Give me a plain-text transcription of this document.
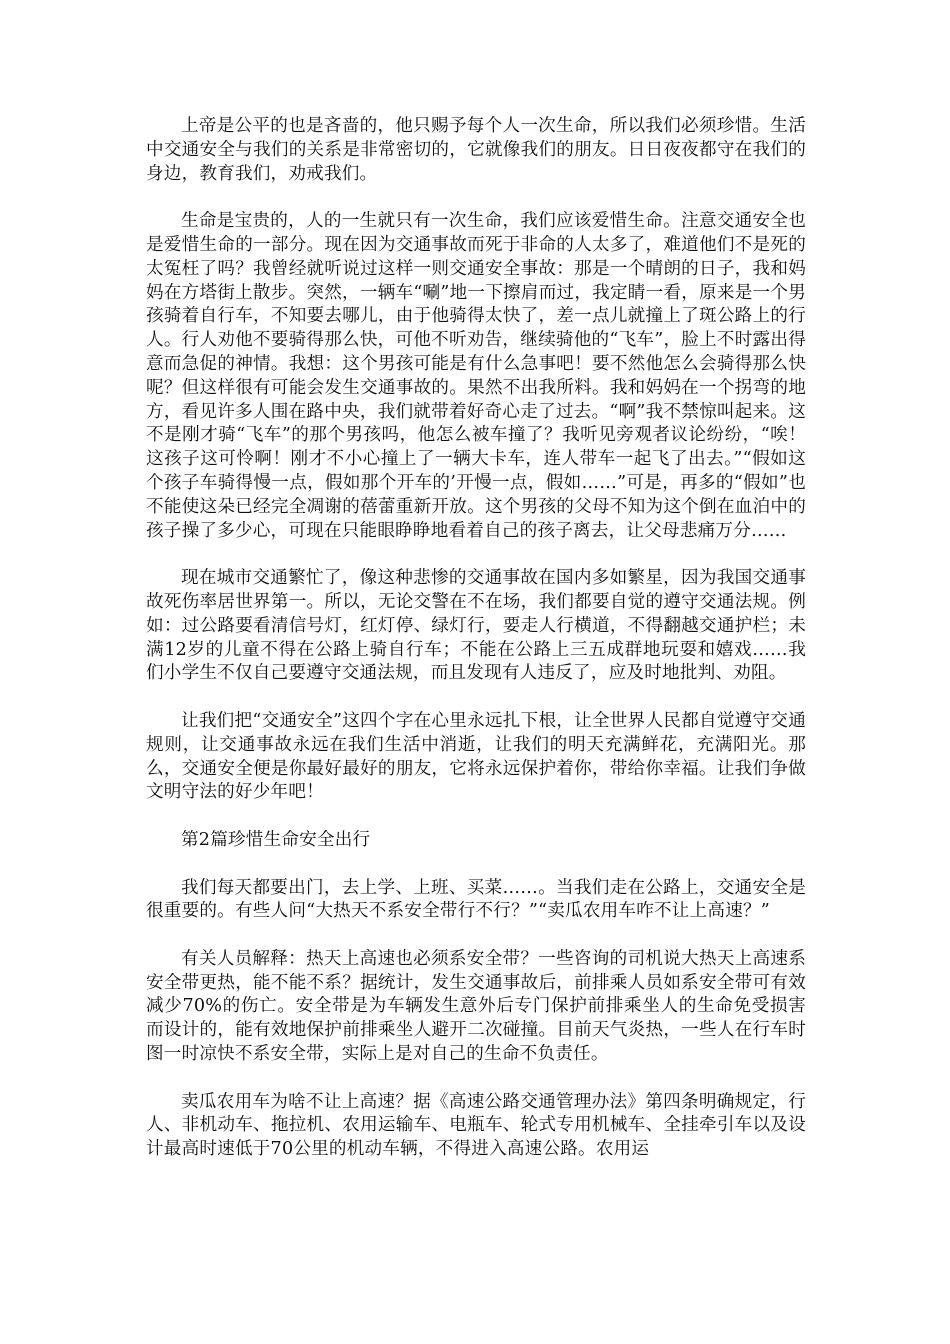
上帝是公平的也是吝啬的，他只赐予每个人一次生命，所以我们必须珍惜。生活中交通安全与我们的关系是非常密切的，它就像我们的朋友。日日夜夜都守在我们的身边，教育我们，劝戒我们。

生命是宝贵的，人的一生就只有一次生命，我们应该爱惜生命。注意交通安全也是爱惜生命的一部分。现在因为交通事故而死于非命的人太多了，难道他们不是死的太冤枉了吗？我曾经就听说过这样一则交通安全事故：那是一个晴朗的日子，我和妈妈在方塔街上散步。突然，一辆车“唰”地一下擦肩而过，我定睛一看，原来是一个男孩骑着自行车，不知要去哪儿，由于他骑得太快了，差一点儿就撞上了斑公路上的行人。行人劝他不要骑得那么快，可他不听劝告，继续骑他的“飞车”，脸上不时露出得意而急促的神情。我想：这个男孩可能是有什么急事吧！要不然他怎么会骑得那么快呢？但这样很有可能会发生交通事故的。果然不出我所料。我和妈妈在一个拐弯的地方，看见许多人围在路中央，我们就带着好奇心走了过去。“啊”我不禁惊叫起来。这不是刚才骑“飞车”的那个男孩吗，他怎么被车撞了？我听见旁观者议论纷纷，“唉！这孩子这可怜啊！刚才不小心撞上了一辆大卡车，连人带车一起飞了出去。”“假如这个孩子车骑得慢一点，假如那个开车的’开慢一点，假如……”可是，再多的“假如”也不能使这朵已经完全凋谢的蓓蕾重新开放。这个男孩的父母不知为这个倒在血泊中的孩子操了多少心，可现在只能眼睁睁地看着自己的孩子离去，让父母悲痛万分……

现在城市交通繁忙了，像这种悲惨的交通事故在国内多如繁星，因为我国交通事故死伤率居世界第一。所以，无论交警在不在场，我们都要自觉的遵守交通法规。例如：过公路要看清信号灯，红灯停、绿灯行，要走人行横道，不得翻越交通护栏；未满12岁的儿童不得在公路上骑自行车；不能在公路上三五成群地玩耍和嬉戏……我们小学生不仅自己要遵守交通法规，而且发现有人违反了，应及时地批判、劝阻。

让我们把“交通安全”这四个字在心里永远扎下根，让全世界人民都自觉遵守交通规则，让交通事故永远在我们生活中消逝，让我们的明天充满鲜花，充满阳光。那么，交通安全便是你最好最好的朋友，它将永远保护着你，带给你幸福。让我们争做文明守法的好少年吧！

第2篇珍惜生命安全出行

我们每天都要出门，去上学、上班、买菜……。当我们走在公路上，交通安全是很重要的。有些人问“大热天不系安全带行不行？”“卖瓜农用车咋不让上高速？”

有关人员解释：热天上高速也必须系安全带？一些咨询的司机说大热天上高速系安全带更热，能不能不系？据统计，发生交通事故后，前排乘人员如系安全带可有效减少70%的伤亡。安全带是为车辆发生意外后专门保护前排乘坐人的生命免受损害而设计的，能有效地保护前排乘坐人避开二次碰撞。目前天气炎热，一些人在行车时图一时凉快不系安全带，实际上是对自己的生命不负责任。

卖瓜农用车为啥不让上高速？据《高速公路交通管理办法》第四条明确规定，行人、非机动车、拖拉机、农用运输车、电瓶车、轮式专用机械车、全挂牵引车以及设计最高时速低于70公里的机动车辆，不得进入高速公路。农用运
